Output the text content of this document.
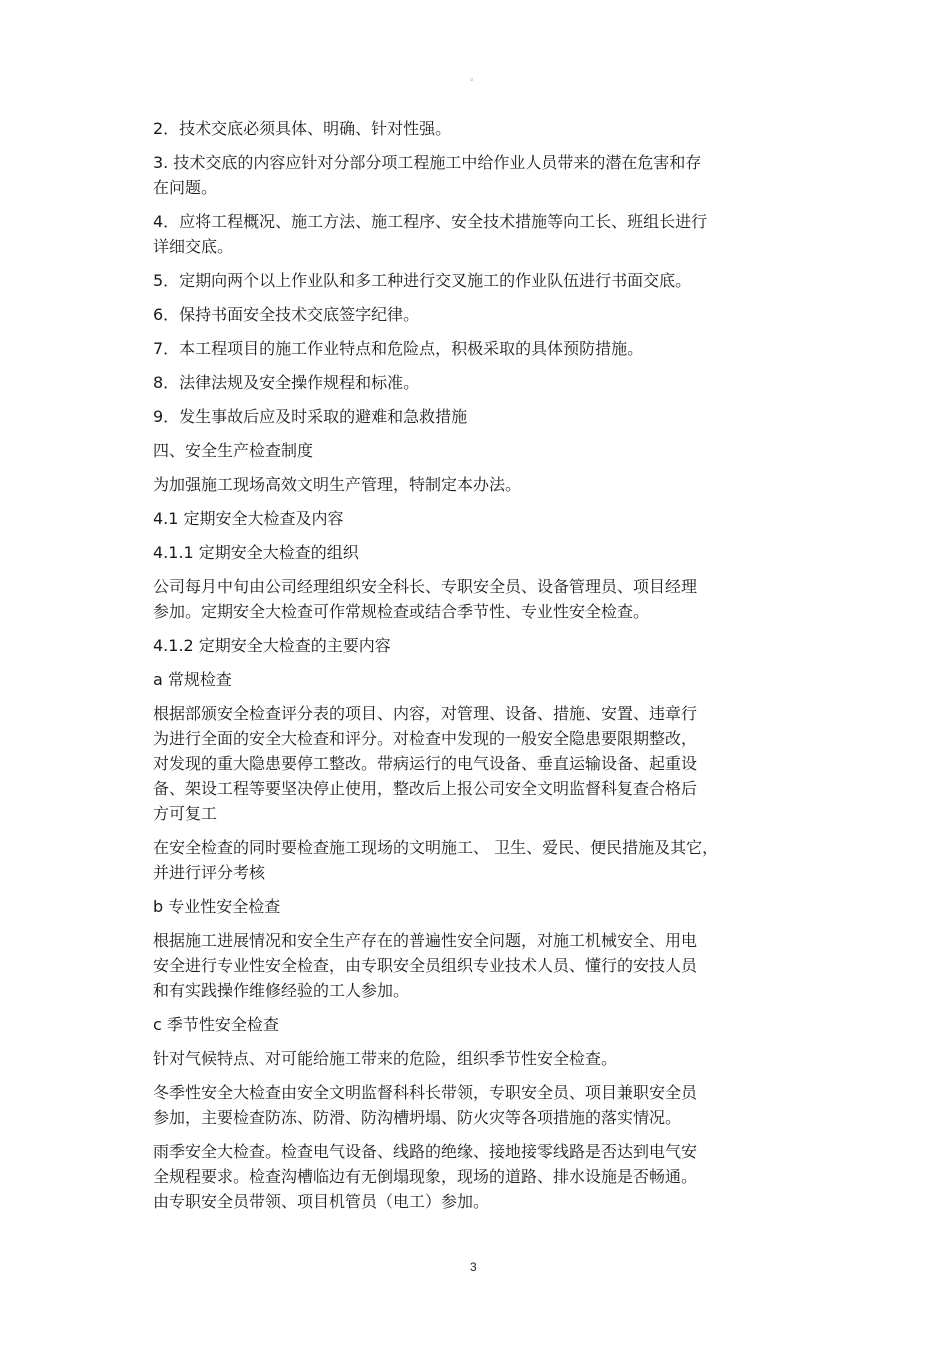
。

2．技术交底必须具体、明确、针对性强。

3. 技术交底的内容应针对分部分项工程施工中给作业人员带来的潜在危害和存
在问题。

4．应将工程概况、施工方法、施工程序、安全技术措施等向工长、班组长进行
详细交底。

5．定期向两个以上作业队和多工种进行交叉施工的作业队伍进行书面交底。

6．保持书面安全技术交底签字纪律。

7．本工程项目的施工作业特点和危险点，积极采取的具体预防措施。

8．法律法规及安全操作规程和标准。

9．发生事故后应及时采取的避难和急救措施

四、安全生产检查制度

为加强施工现场高效文明生产管理，特制定本办法。

4.1 定期安全大检查及内容

4.1.1 定期安全大检查的组织

公司每月中旬由公司经理组织安全科长、专职安全员、设备管理员、项目经理
参加。定期安全大检查可作常规检查或结合季节性、专业性安全检查。

4.1.2 定期安全大检查的主要内容

a 常规检查

根据部颁安全检查评分表的项目、内容，对管理、设备、措施、安置、违章行
为进行全面的安全大检查和评分。对检查中发现的一般安全隐患要限期整改，
对发现的重大隐患要停工整改。带病运行的电气设备、垂直运输设备、起重设
备、架设工程等要坚决停止使用，整改后上报公司安全文明监督科复查合格后
方可复工

在安全检查的同时要检查施工现场的文明施工、 卫生、爱民、便民措施及其它，
并进行评分考核

b 专业性安全检查

根据施工进展情况和安全生产存在的普遍性安全问题，对施工机械安全、用电
安全进行专业性安全检查，由专职安全员组织专业技术人员、懂行的安技人员
和有实践操作维修经验的工人参加。

c 季节性安全检查

针对气候特点、对可能给施工带来的危险，组织季节性安全检查。

冬季性安全大检查由安全文明监督科科长带领，专职安全员、项目兼职安全员
参加，主要检查防冻、防滑、防沟槽坍塌、防火灾等各项措施的落实情况。

雨季安全大检查。检查电气设备、线路的绝缘、接地接零线路是否达到电气安
全规程要求。检查沟槽临边有无倒塌现象，现场的道路、排水设施是否畅通。
由专职安全员带领、项目机管员（电工）参加。

3
